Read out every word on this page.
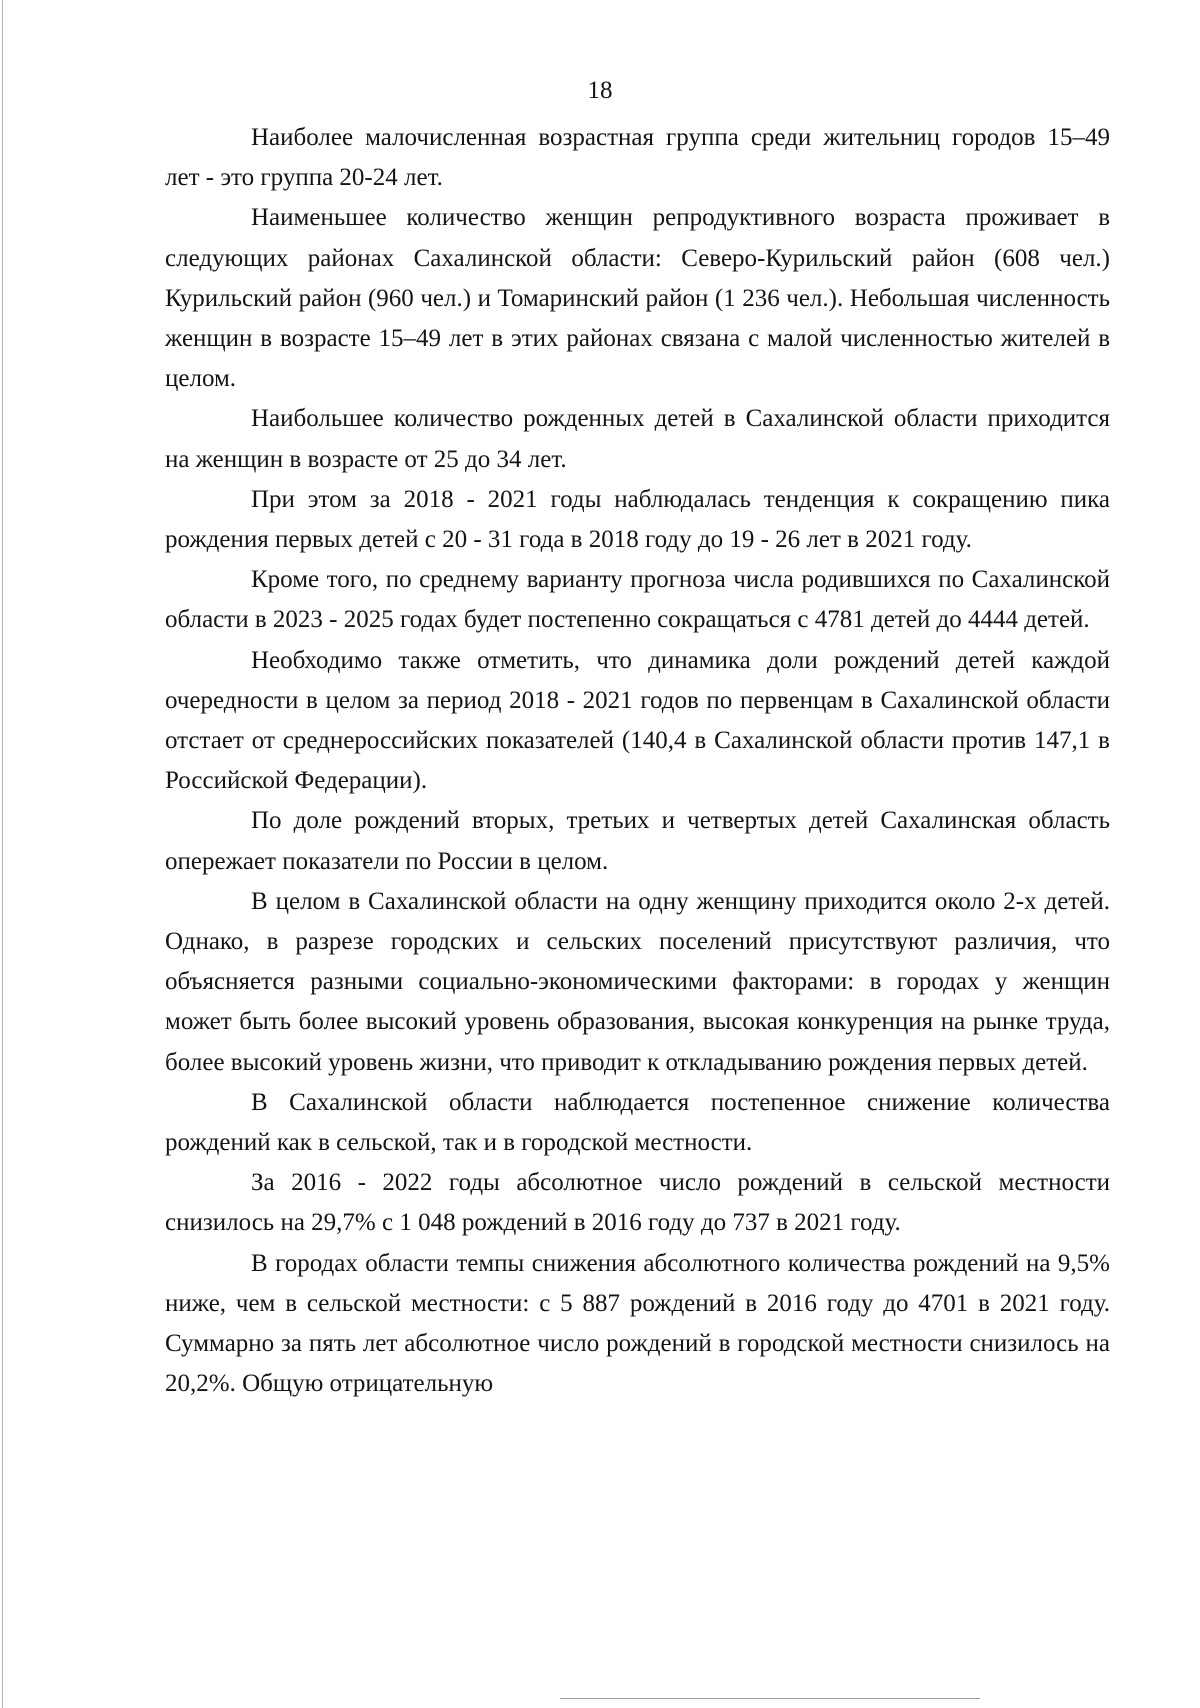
18

Наиболее малочисленная возрастная группа среди жительниц городов 15–49 лет - это группа 20-24 лет.

Наименьшее количество женщин репродуктивного возраста проживает в следующих районах Сахалинской области: Северо-Курильский район (608 чел.) Курильский район (960 чел.) и Томаринский район (1 236 чел.). Небольшая численность женщин в возрасте 15–49 лет в этих районах связана с малой численностью жителей в целом.

Наибольшее количество рожденных детей в Сахалинской области приходится на женщин в возрасте от 25 до 34 лет.

При этом за 2018 - 2021 годы наблюдалась тенденция к сокращению пика рождения первых детей с 20 - 31 года в 2018 году до 19 - 26 лет в 2021 году.

Кроме того, по среднему варианту прогноза числа родившихся по Сахалинской области в 2023 - 2025 годах будет постепенно сокращаться с 4781 детей до 4444 детей.

Необходимо также отметить, что динамика доли рождений детей каждой очередности в целом за период 2018 - 2021 годов по первенцам в Сахалинской области отстает от среднероссийских показателей (140,4 в Сахалинской области против 147,1 в Российской Федерации).

По доле рождений вторых, третьих и четвертых детей Сахалинская область опережает показатели по России в целом.

В целом в Сахалинской области на одну женщину приходится около 2-х детей. Однако, в разрезе городских и сельских поселений присутствуют различия, что объясняется разными социально-экономическими факторами: в городах у женщин может быть более высокий уровень образования, высокая конкуренция на рынке труда, более высокий уровень жизни, что приводит к откладыванию рождения первых детей.

В Сахалинской области наблюдается постепенное снижение количества рождений как в сельской, так и в городской местности.

За 2016 - 2022 годы абсолютное число рождений в сельской местности снизилось на 29,7% с 1 048 рождений в 2016 году до 737 в 2021 году.

В городах области темпы снижения абсолютного количества рождений на 9,5% ниже, чем в сельской местности: с 5 887 рождений в 2016 году до 4701 в 2021 году. Суммарно за пять лет абсолютное число рождений в городской местности снизилось на 20,2%. Общую отрицательную
